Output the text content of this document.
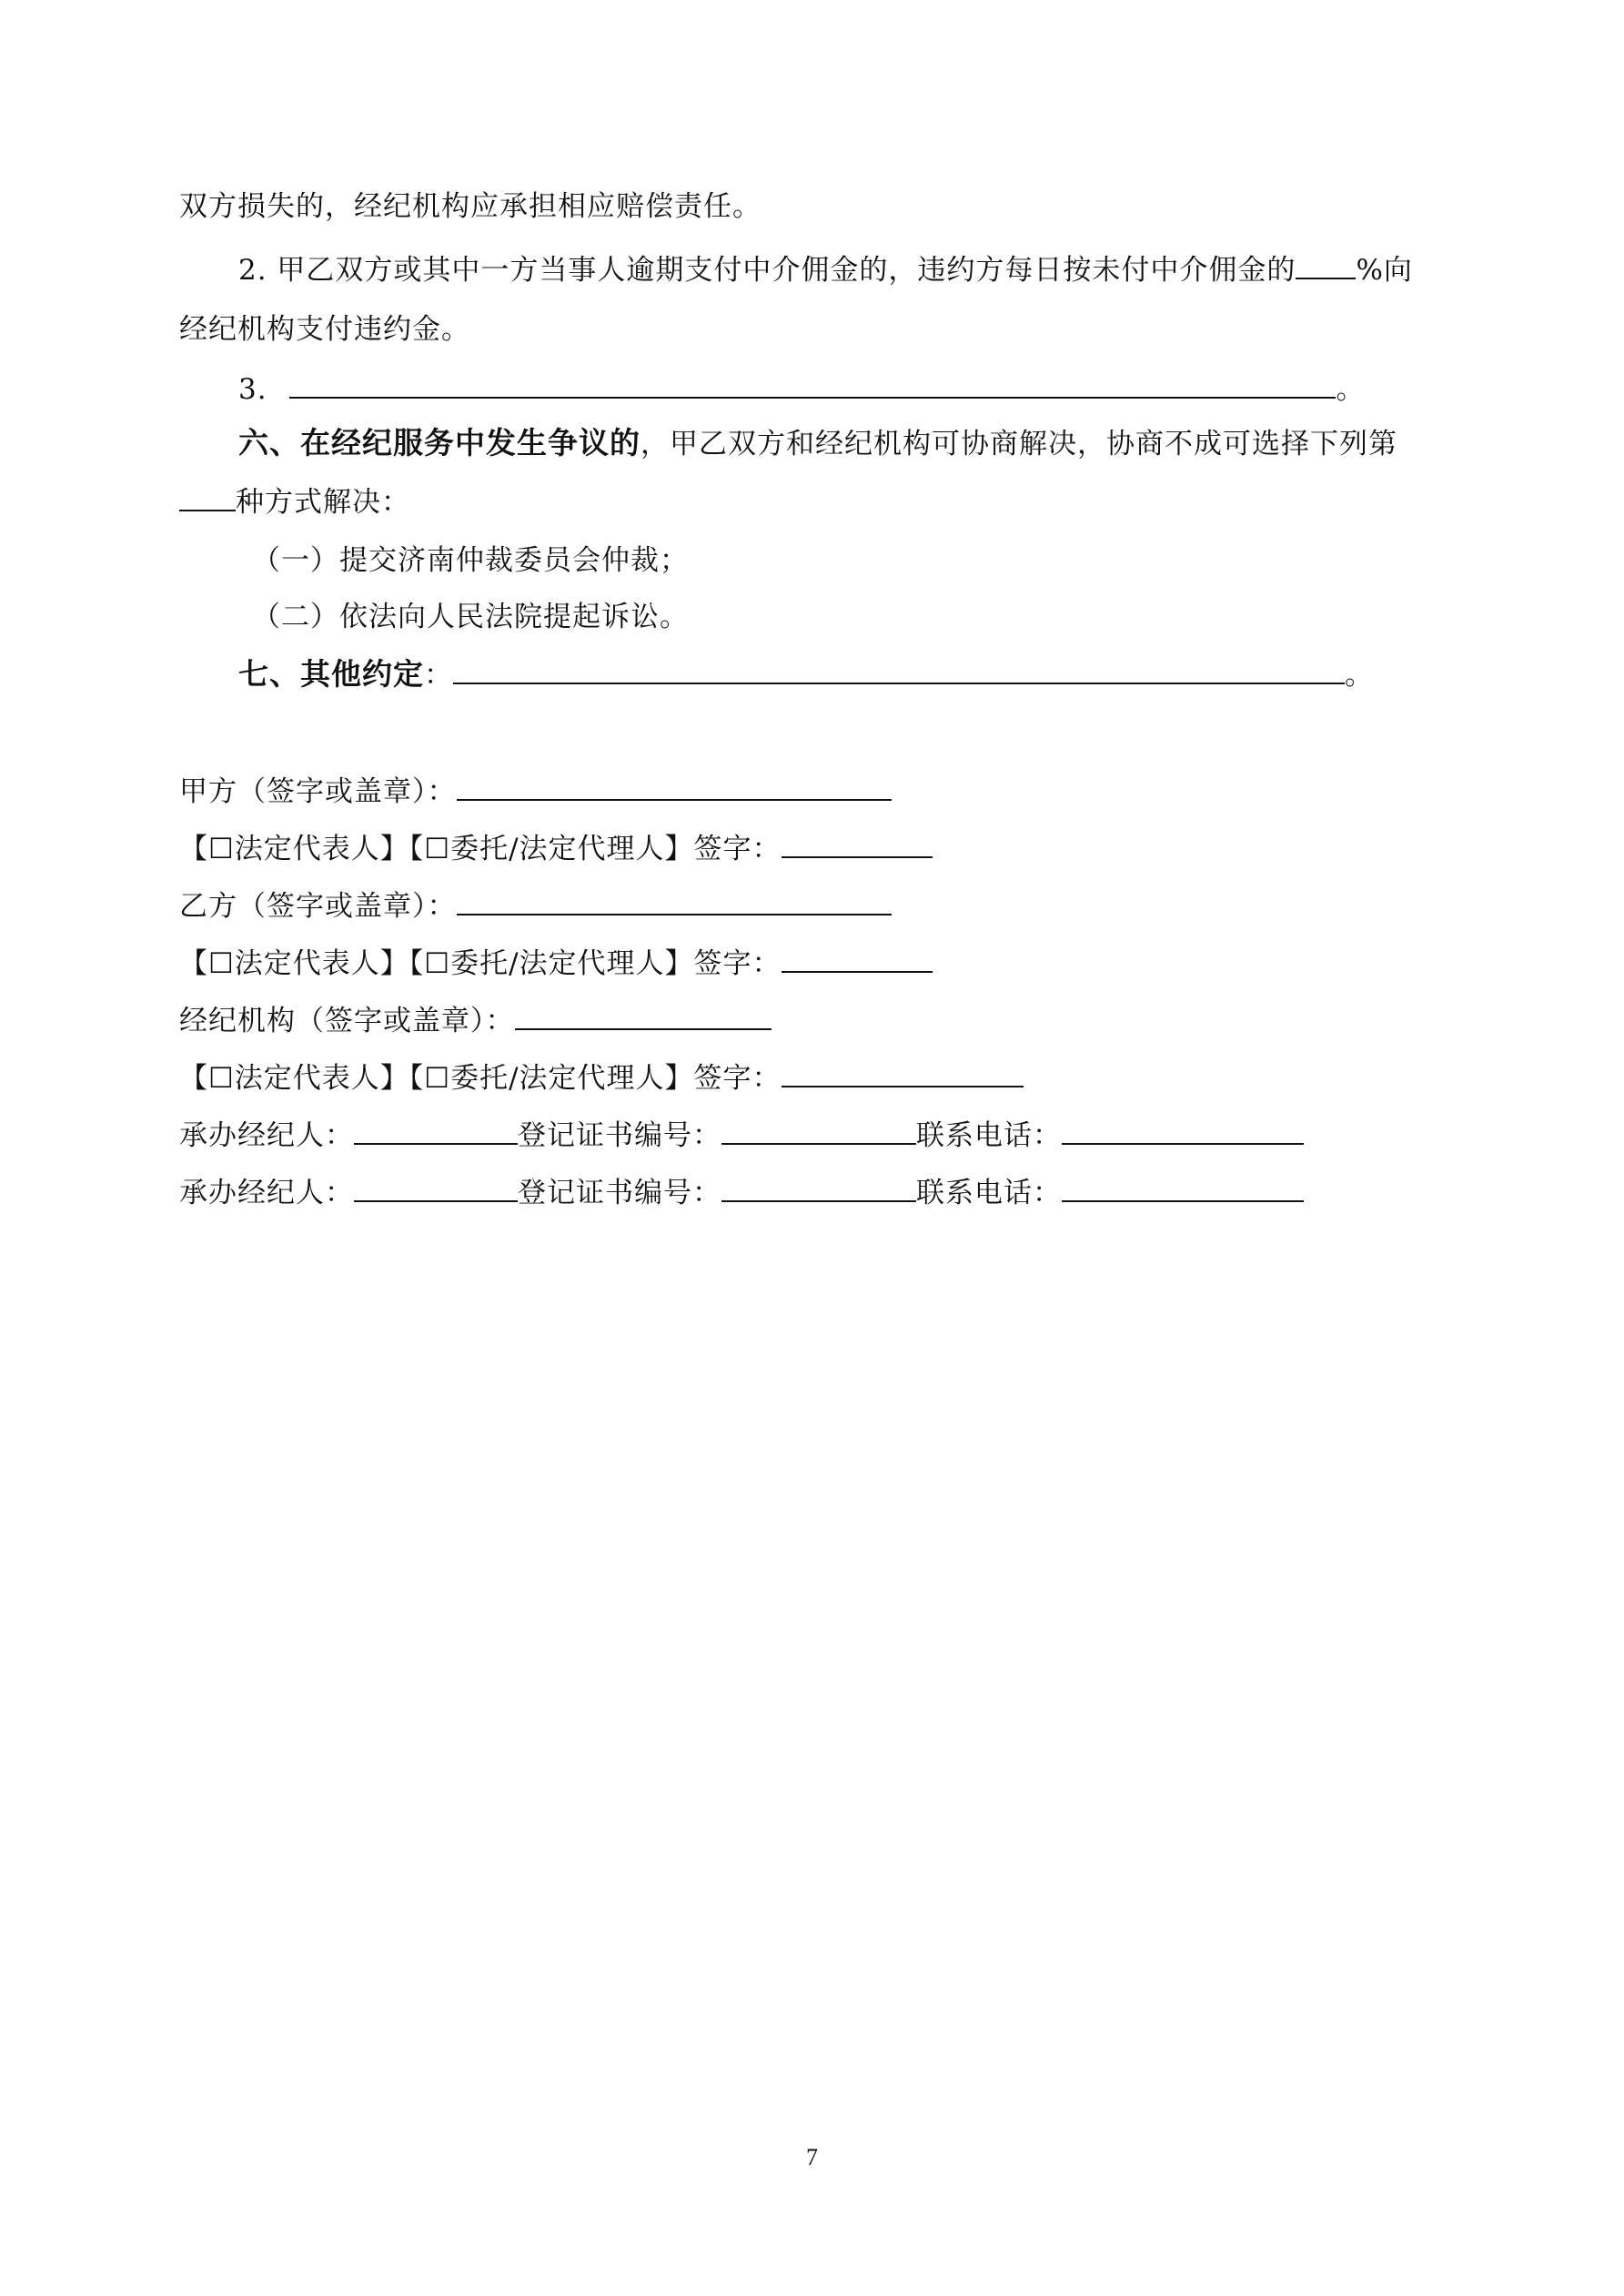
双方损失的，经纪机构应承担相应赔偿责任。
2. 甲乙双方或其中一方当事人逾期支付中介佣金的，违约方每日按未付中介佣金的 %向
经纪机构支付违约金。
3.	。
六、在经纪服务中发生争议的，甲乙双方和经纪机构可协商解决，协商不成可选择下列第
种方式解决：
（一）提交济南仲裁委员会仲裁；
（二）依法向人民法院提起诉讼。
七、其他约定：	。
甲方（签字或盖章）：
【☐法定代表人】【☐委托/法定代理人】签字：
乙方（签字或盖章）：
【☐法定代表人】【☐委托/法定代理人】签字：
经纪机构（签字或盖章）：
【☐法定代表人】【☐委托/法定代理人】签字：
承办经纪人：	登记证书编号：	联系电话：
承办经纪人：	登记证书编号：	联系电话：
7
